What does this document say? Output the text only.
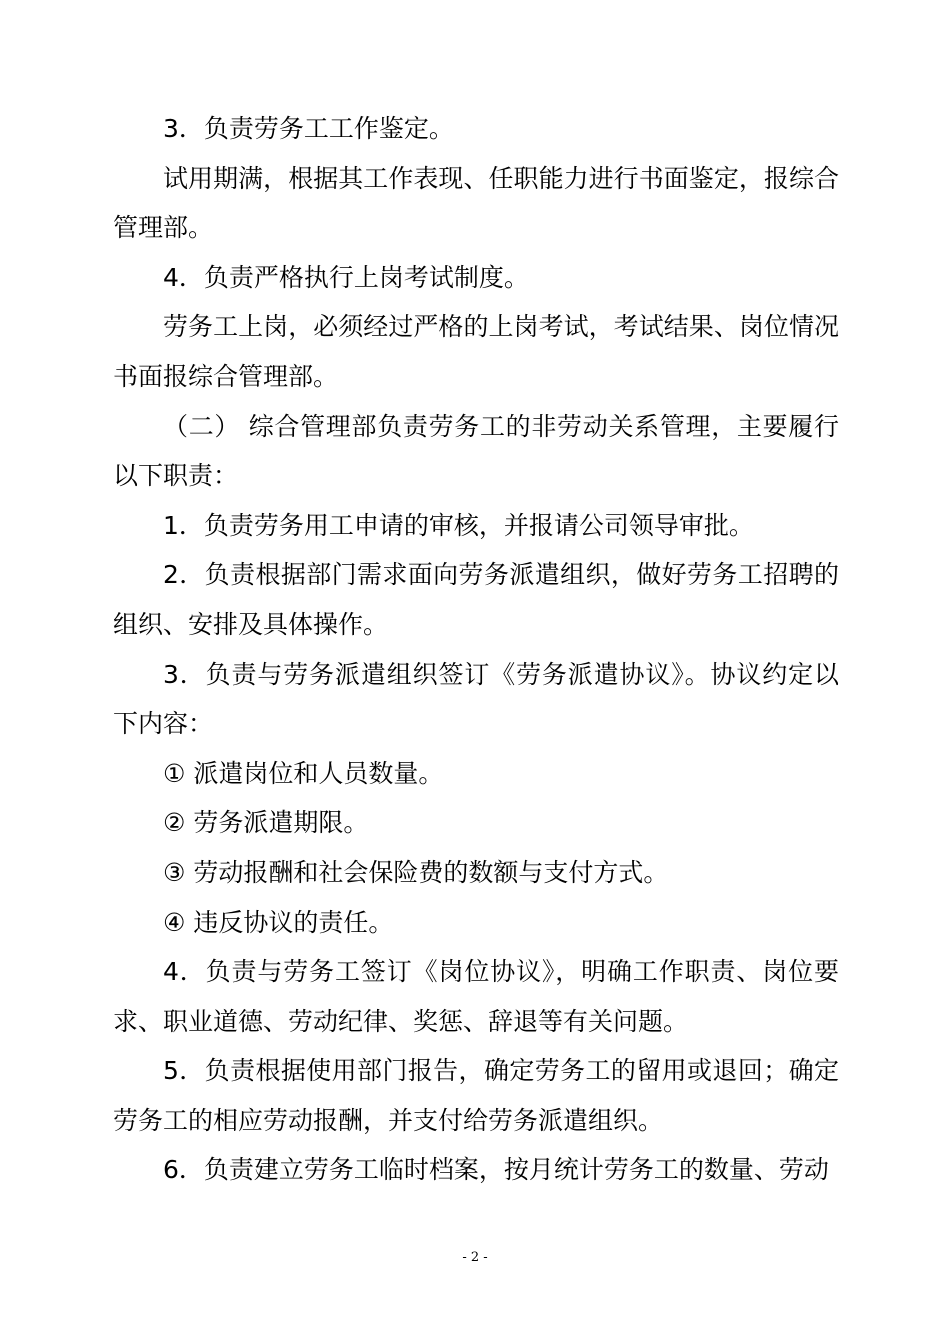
3．负责劳务工工作鉴定。

试用期满，根据其工作表现、任职能力进行书面鉴定，报综合管理部。

4．负责严格执行上岗考试制度。

劳务工上岗，必须经过严格的上岗考试，考试结果、岗位情况书面报综合管理部。

（二） 综合管理部负责劳务工的非劳动关系管理，主要履行以下职责：

1．负责劳务用工申请的审核，并报请公司领导审批。

2．负责根据部门需求面向劳务派遣组织，做好劳务工招聘的组织、安排及具体操作。

3．负责与劳务派遣组织签订《劳务派遣协议》。协议约定以下内容：

① 派遣岗位和人员数量。

② 劳务派遣期限。

③ 劳动报酬和社会保险费的数额与支付方式。

④ 违反协议的责任。

4．负责与劳务工签订《岗位协议》，明确工作职责、岗位要求、职业道德、劳动纪律、奖惩、辞退等有关问题。

5．负责根据使用部门报告，确定劳务工的留用或退回；确定劳务工的相应劳动报酬，并支付给劳务派遣组织。

6．负责建立劳务工临时档案，按月统计劳务工的数量、劳动

- 2 -
